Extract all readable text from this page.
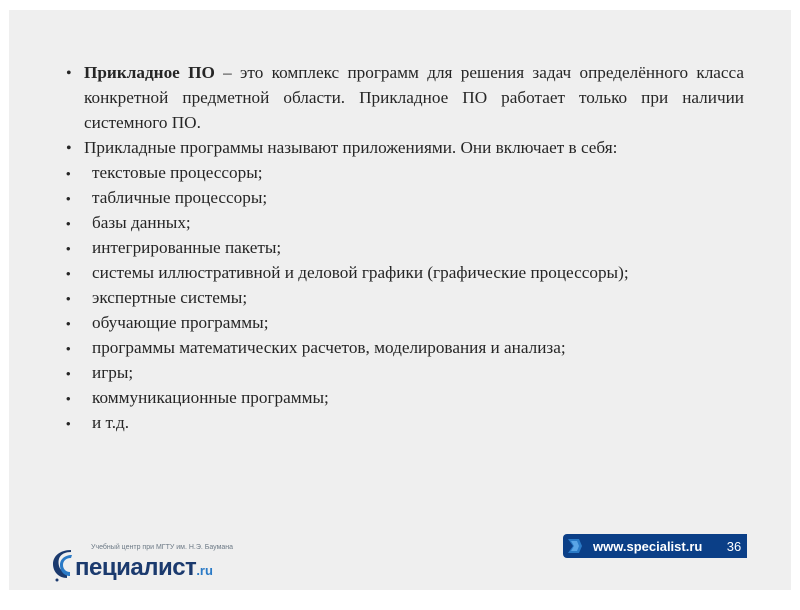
• Прикладное ПО – это комплекс программ для решения задач определённого класса конкретной предметной области. Прикладное ПО работает только при наличии системного ПО.
• Прикладные программы называют приложениями. Они включает в себя:
•	текстовые процессоры;
•	табличные процессоры;
•	базы данных;
•	интегрированные пакеты;
•	системы иллюстративной и деловой графики (графические процессоры);
•	экспертные системы;
•	обучающие программы;
•	программы математических расчетов, моделирования и анализа;
•	игры;
•	коммуникационные программы;
•	и т.д.
Учебный центр при МГТУ им. Н.Э. Баумана
пециалист.ru
www.specialist.ru	36
